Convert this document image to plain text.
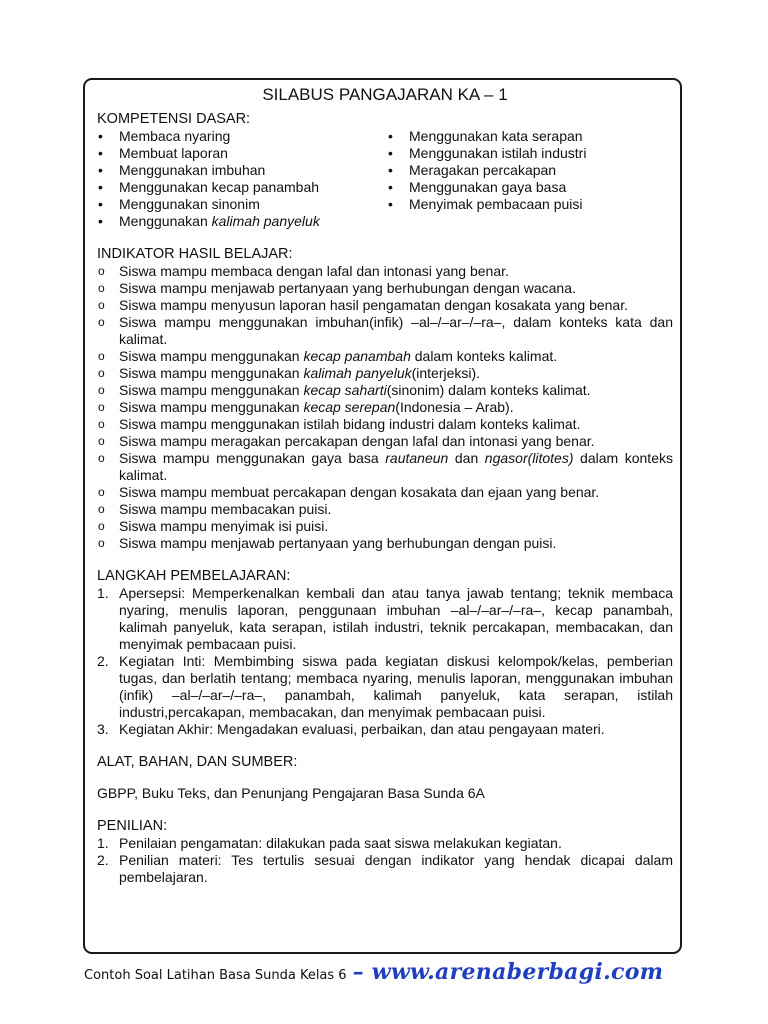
SILABUS PANGAJARAN KA – 1
KOMPETENSI DASAR:
• Membaca nyaring
• Membuat laporan
• Menggunakan imbuhan
• Menggunakan kecap panambah
• Menggunakan sinonim
• Menggunakan kalimah panyeluk
• Menggunakan kata serapan
• Menggunakan istilah industri
• Meragakan percakapan
• Menggunakan gaya basa
• Menyimak pembacaan puisi
INDIKATOR HASIL BELAJAR:
o Siswa mampu membaca dengan lafal dan intonasi yang benar.
o Siswa mampu menjawab pertanyaan yang berhubungan dengan wacana.
o Siswa mampu menyusun laporan hasil pengamatan dengan kosakata yang benar.
o Siswa mampu menggunakan imbuhan(infik) –al–/–ar–/–ra–, dalam konteks kata dan kalimat.
o Siswa mampu menggunakan kecap panambah dalam konteks kalimat.
o Siswa mampu menggunakan kalimah panyeluk(interjeksi).
o Siswa mampu menggunakan kecap saharti(sinonim) dalam konteks kalimat.
o Siswa mampu menggunakan kecap serepan(Indonesia – Arab).
o Siswa mampu menggunakan istilah bidang industri dalam konteks kalimat.
o Siswa mampu meragakan percakapan dengan lafal dan intonasi yang benar.
o Siswa mampu menggunakan gaya basa rautaneun dan ngasor(litotes) dalam konteks kalimat.
o Siswa mampu membuat percakapan dengan kosakata dan ejaan yang benar.
o Siswa mampu membacakan puisi.
o Siswa mampu menyimak isi puisi.
o Siswa mampu menjawab pertanyaan yang berhubungan dengan puisi.
LANGKAH PEMBELAJARAN:
1. Apersepsi: Memperkenalkan kembali dan atau tanya jawab tentang; teknik membaca nyaring, menulis laporan, penggunaan imbuhan –al–/–ar–/–ra–, kecap panambah, kalimah panyeluk, kata serapan, istilah industri, teknik percakapan, membacakan, dan menyimak pembacaan puisi.
2. Kegiatan Inti: Membimbing siswa pada kegiatan diskusi kelompok/kelas, pemberian tugas, dan berlatih tentang; membaca nyaring, menulis laporan, menggunakan imbuhan (infik) –al–/–ar–/–ra–, panambah, kalimah panyeluk, kata serapan, istilah industri,percakapan, membacakan, dan menyimak pembacaan puisi.
3. Kegiatan Akhir: Mengadakan evaluasi, perbaikan, dan atau pengayaan materi.
ALAT, BAHAN, DAN SUMBER:

GBPP, Buku Teks, dan Penunjang Pengajaran Basa Sunda 6A

PENILIAN:
1. Penilaian pengamatan: dilakukan pada saat siswa melakukan kegiatan.
2. Penilian materi: Tes tertulis sesuai dengan indikator yang hendak dicapai dalam pembelajaran.
Contoh Soal Latihan Basa Sunda Kelas 6 – www.arenaberbagi.com
